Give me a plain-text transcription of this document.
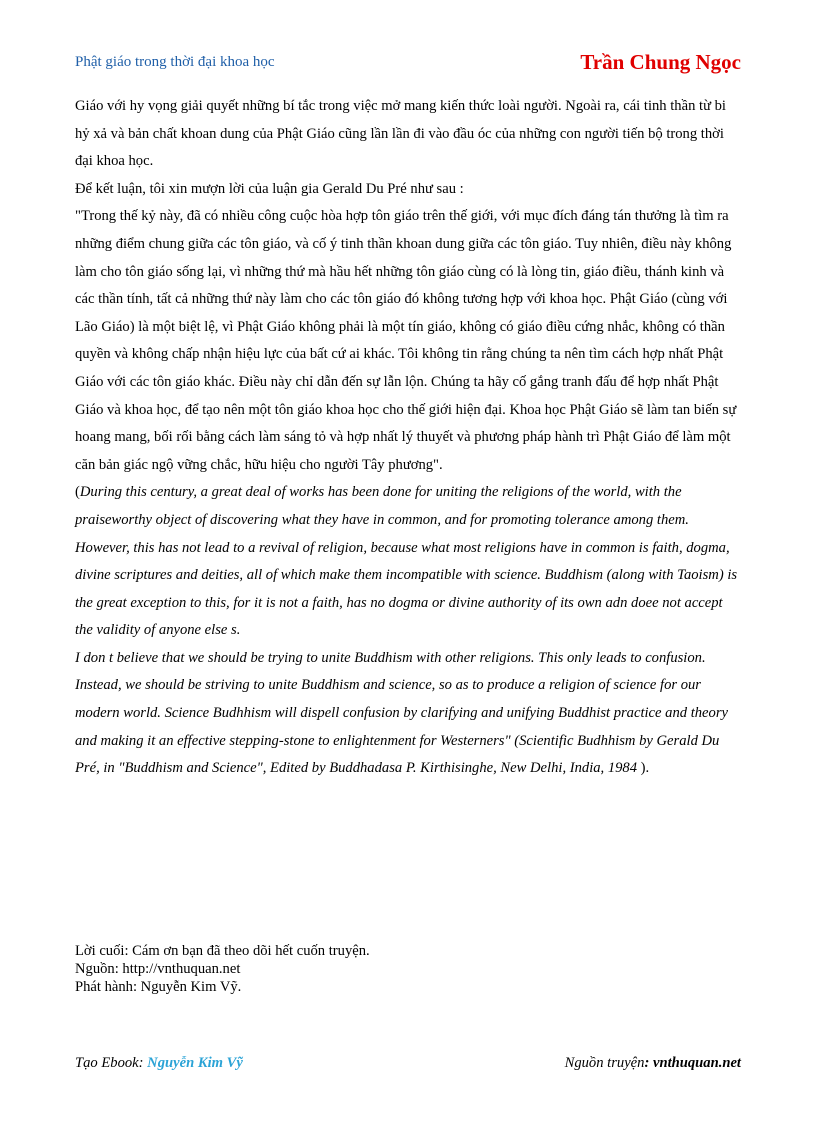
Phật giáo trong thời đại khoa học	Trần Chung Ngọc

Giáo với hy vọng giải quyết những bí tắc trong việc mở mang kiến thức loài người. Ngoài ra, cái tinh thần từ bi hỷ xả và bản chất khoan dung của Phật Giáo cũng lần lần đi vào đầu óc của những con người tiến bộ trong thời đại khoa học.

Để kết luận, tôi xin mượn lời của luận gia Gerald Du Pré như sau :

"Trong thế kỷ này, đã có nhiều công cuộc hòa hợp tôn giáo trên thế giới, với mục đích đáng tán thưởng là tìm ra những điểm chung giữa các tôn giáo, và cố ý tinh thần khoan dung giữa các tôn giáo. Tuy nhiên, điều này không làm cho tôn giáo sống lại, vì những thứ mà hầu hết những tôn giáo cùng có là lòng tin, giáo điều, thánh kinh và các thần tính, tất cả những thứ này làm cho các tôn giáo đó không tương hợp với khoa học. Phật Giáo (cùng với Lão Giáo) là một biệt lệ, vì Phật Giáo không phải là một tín giáo, không có giáo điều cứng nhắc, không có thần quyền và không chấp nhận hiệu lực của bất cứ ai khác. Tôi không tin rằng chúng ta nên tìm cách hợp nhất Phật Giáo với các tôn giáo khác. Điều này chỉ dẫn đến sự lẫn lộn. Chúng ta hãy cố gắng tranh đấu để hợp nhất Phật Giáo và khoa học, để tạo nên một tôn giáo khoa học cho thế giới hiện đại. Khoa học Phật Giáo sẽ làm tan biến sự hoang mang, bối rối bằng cách làm sáng tỏ và hợp nhất lý thuyết và phương pháp hành trì Phật Giáo để làm một căn bản giác ngộ vững chắc, hữu hiệu cho người Tây phương".

(During this century, a great deal of works has been done for uniting the religions of the world, with the praiseworthy object of discovering what they have in common, and for promoting tolerance among them. However, this has not lead to a revival of religion, because what most religions have in common is faith, dogma, divine scriptures and deities, all of which make them incompatible with science. Buddhism (along with Taoism) is the great exception to this, for it is not a faith, has no dogma or divine authority of its own adn doee not accept the validity of anyone else s.

I don t believe that we should be trying to unite Buddhism with other religions. This only leads to confusion. Instead, we should be striving to unite Buddhism and science, so as to produce a religion of science for our modern world. Science Budhhism will dispell confusion by clarifying and unifying Buddhist practice and theory and making it an effective stepping-stone to enlightenment for Westerners" (Scientific Budhhism by Gerald Du Pré, in "Buddhism and Science", Edited by Buddhadasa P. Kirthisinghe, New Delhi, India, 1984 ).

Lời cuối: Cám ơn bạn đã theo dõi hết cuốn truyện.
Nguồn: http://vnthuquan.net
Phát hành: Nguyễn Kim Vỹ.
Tạo Ebook: Nguyễn Kim Vỹ	Nguồn truyện: vnthuquan.net
